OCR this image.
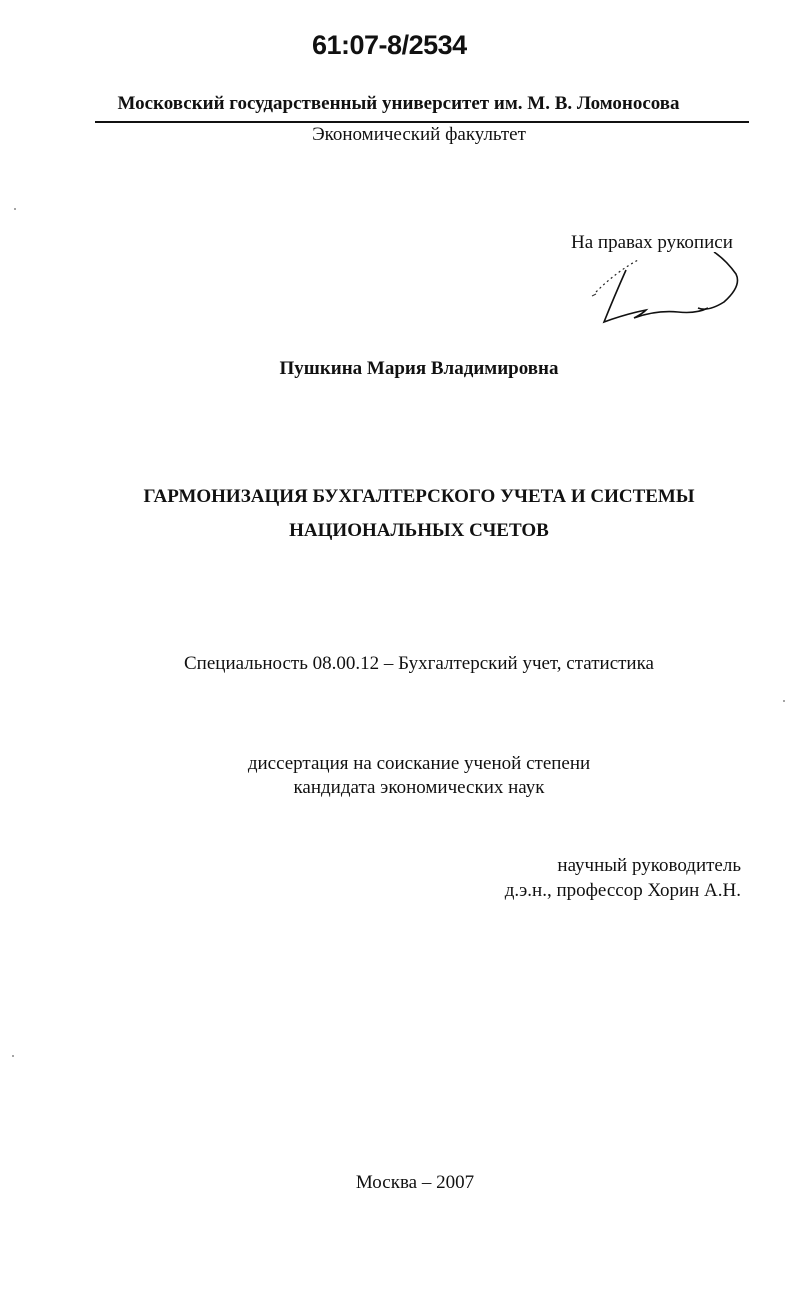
61:07-8/2534
Московский государственный университет им. М. В. Ломоносова
Экономический факультет
На правах рукописи
Пушкина Мария Владимировна
ГАРМОНИЗАЦИЯ БУХГАЛТЕРСКОГО УЧЕТА И СИСТЕМЫ
НАЦИОНАЛЬНЫХ СЧЕТОВ
Специальность 08.00.12 – Бухгалтерский учет, статистика
диссертация на соискание ученой степени
кандидата экономических наук
научный руководитель
д.э.н., профессор Хорин А.Н.
Москва – 2007
